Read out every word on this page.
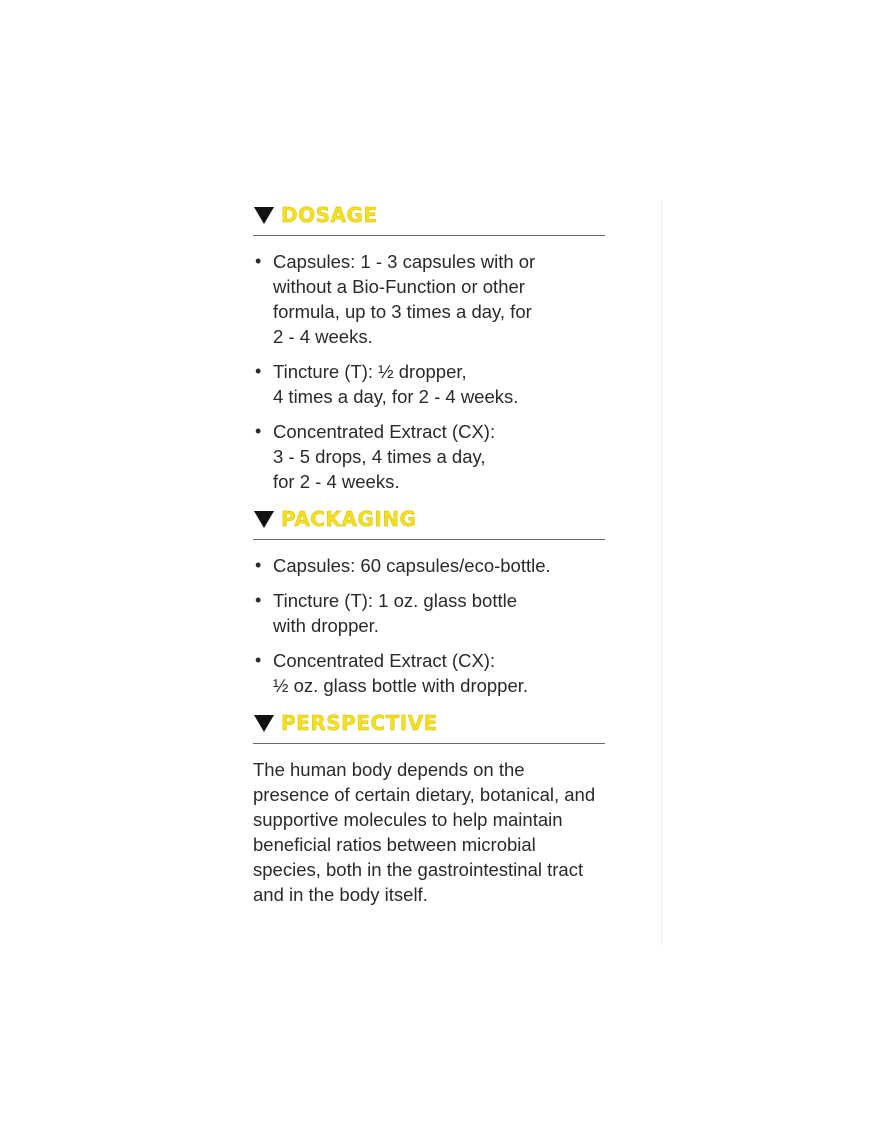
DOSAGE
• Capsules: 1 - 3 capsules with or
without a Bio-Function or other
formula, up to 3 times a day, for
2 - 4 weeks.
• Tincture (T): ½ dropper,
4 times a day, for 2 - 4 weeks.
• Concentrated Extract (CX):
3 - 5 drops, 4 times a day,
for 2 - 4 weeks.
PACKAGING
• Capsules: 60 capsules/eco-bottle.
• Tincture (T): 1 oz. glass bottle
with dropper.
• Concentrated Extract (CX):
½ oz. glass bottle with dropper.
PERSPECTIVE

The human body depends on the
presence of certain dietary, botanical, and
supportive molecules to help maintain
beneficial ratios between microbial
species, both in the gastrointestinal tract
and in the body itself.
